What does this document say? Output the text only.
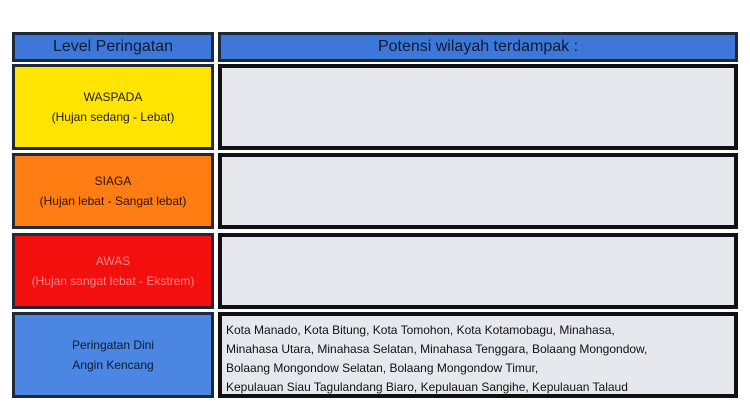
Level Peringatan	Potensi wilayah terdampak :
WASPADA
(Hujan sedang - Lebat)
SIAGA
(Hujan lebat - Sangat lebat)
AWAS
(Hujan sangat lebat - Ekstrem)
Peringatan Dini
Angin Kencang
Kota Manado, Kota Bitung, Kota Tomohon, Kota Kotamobagu, Minahasa,
Minahasa Utara, Minahasa Selatan, Minahasa Tenggara, Bolaang Mongondow,
Bolaang Mongondow Selatan, Bolaang Mongondow Timur,
Kepulauan Siau Tagulandang Biaro, Kepulauan Sangihe, Kepulauan Talaud
